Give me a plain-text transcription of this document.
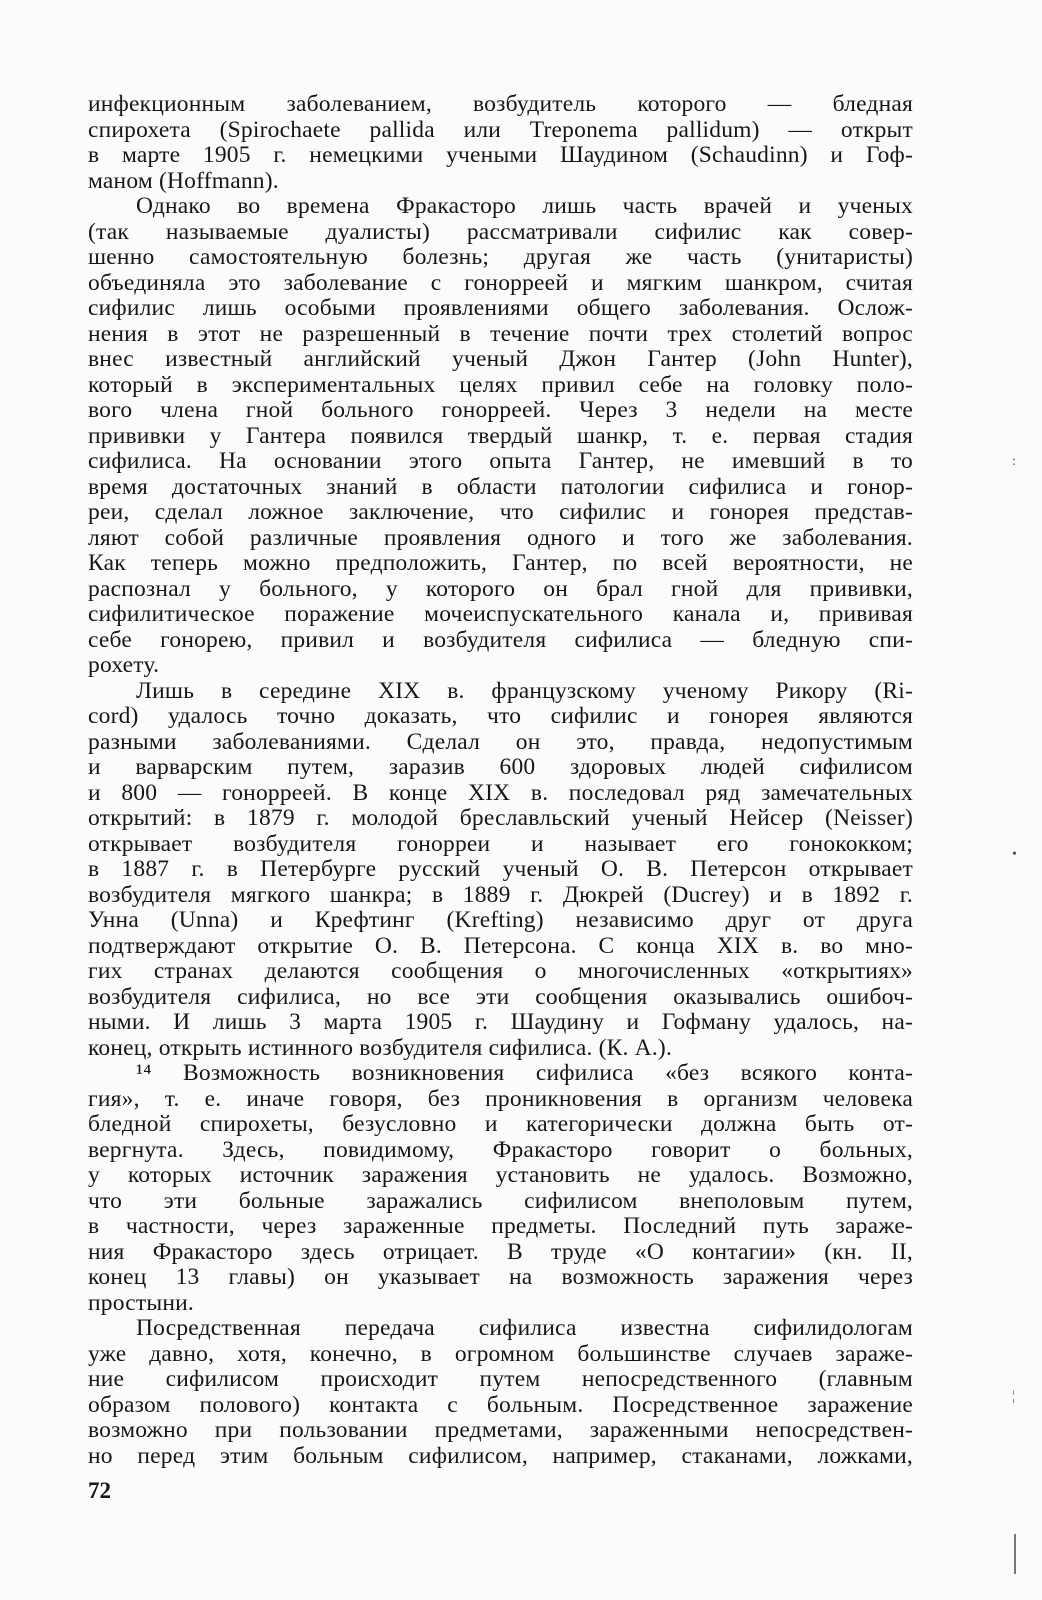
инфекционным заболеванием, возбудитель которого — бледная
спирохета (Spirochaete pallida или Treponema pallidum) — открыт
в марте 1905 г. немецкими учеными Шаудином (Schaudinn) и Гоф-
маном (Hoffmann).
Однако во времена Фракасторо лишь часть врачей и ученых
(так называемые дуалисты) рассматривали сифилис как совер-
шенно самостоятельную болезнь; другая же часть (унитаристы)
объединяла это заболевание с гонорреей и мягким шанкром, считая
сифилис лишь особыми проявлениями общего заболевания. Ослож-
нения в этот не разрешенный в течение почти трех столетий вопрос
внес известный английский ученый Джон Гантер (John Hunter),
который в экспериментальных целях привил себе на головку поло-
вого члена гной больного гонорреей. Через 3 недели на месте
прививки у Гантера появился твердый шанкр, т. е. первая стадия
сифилиса. На основании этого опыта Гантер, не имевший в то
время достаточных знаний в области патологии сифилиса и гонор-
реи, сделал ложное заключение, что сифилис и гонорея представ-
ляют собой различные проявления одного и того же заболевания.
Как теперь можно предположить, Гантер, по всей вероятности, не
распознал у больного, у которого он брал гной для прививки,
сифилитическое поражение мочеиспускательного канала и, прививая
себе гонорею, привил и возбудителя сифилиса — бледную спи-
рохету.
Лишь в середине XIX в. французскому ученому Рикору (Ri-
cord) удалось точно доказать, что сифилис и гонорея являются
разными заболеваниями. Сделал он это, правда, недопустимым
и варварским путем, заразив 600 здоровых людей сифилисом
и 800 — гонорреей. В конце XIX в. последовал ряд замечательных
открытий: в 1879 г. молодой бреславльский ученый Нейсер (Neisser)
открывает возбудителя гонорреи и называет его гонококком;
в 1887 г. в Петербурге русский ученый О. В. Петерсон открывает
возбудителя мягкого шанкра; в 1889 г. Дюкрей (Ducrey) и в 1892 г.
Унна (Unna) и Крефтинг (Krefting) независимо друг от друга
подтверждают открытие О. В. Петерсона. С конца XIX в. во мно-
гих странах делаются сообщения о многочисленных «открытиях»
возбудителя сифилиса, но все эти сообщения оказывались ошибоч-
ными. И лишь 3 марта 1905 г. Шаудину и Гофману удалось, на-
конец, открыть истинного возбудителя сифилиса. (К. А.).
¹⁴ Возможность возникновения сифилиса «без всякого конта-
гия», т. е. иначе говоря, без проникновения в организм человека
бледной спирохеты, безусловно и категорически должна быть от-
вергнута. Здесь, повидимому, Фракасторо говорит о больных,
у которых источник заражения установить не удалось. Возможно,
что эти больные заражались сифилисом внеполовым путем,
в частности, через зараженные предметы. Последний путь зараже-
ния Фракасторо здесь отрицает. В труде «О контагии» (кн. II,
конец 13 главы) он указывает на возможность заражения через
простыни.
Посредственная передача сифилиса известна сифилидологам
уже давно, хотя, конечно, в огромном большинстве случаев зараже-
ние сифилисом происходит путем непосредственного (главным
образом полового) контакта с больным. Посредственное заражение
возможно при пользовании предметами, зараженными непосредствен-
но перед этим больным сифилисом, например, стаканами, ложками,
72
:
•
¦
